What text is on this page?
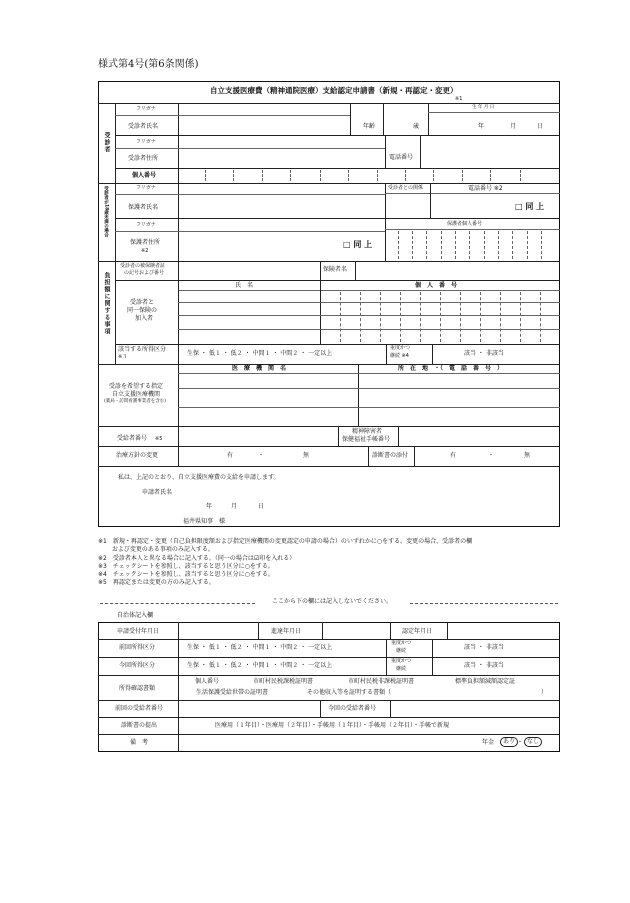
様式第4号(第6条関係)
自立支援医療費（精神通院医療）支給認定申請書（新規・再認定・変更）
※1
受診者
フリガナ
受診者氏名	年齢	歳
生 年 月 日
年	月	日
フリガナ
受診者住所	電話番号
個人番号
受診者が18歳未満の場合	フリガナ
保護者氏名
受診者との関係	電話番号 ※2
□ 同 上
フリガナ	保護者個人番号
保護者住所
※2
□ 同 上
負担額に関する事項
受診者の被保険者証
の記号および番号	保険者名
氏　名	個　人　番　号
受診者と
同一保険の
加入者
該当する所得区分
※３	生保 ・ 低１ ・ 低２ ・ 中間１ ・ 中間２ ・ 一定以上
重度かつ
継続 ※4	該当 ・ 非該当
受診を希望する指定
自立支援医療機関
(薬局・訪問看護事業者を含む)
医　療　機　関　名	所　在　地　・（　電　話　番　号　）
受給者番号 ※5
精神障害者
保健福祉手帳番号
治療方針の変更	有	・	無	診断書の添付	有	・	無
私は、上記のとおり、自立支援医療費の支給を申請します。
申請者氏名
年	月	日
福井県知事　様
※1　新規・再認定・変更（自己負担限度額および指定医療機関の変更認定の申請の場合）のいずれかに○をする。変更の場合、受診者の欄
　　 および変更のある事項のみ記入する。
※2　受診者本人と異なる場合に記入する。（同一の場合は☑印を入れる）
※3　チェックシートを参照し、該当すると思う区分に○をする。
※4　チェックシートを参照し、該当すると思う区分に○をする。
※5　再認定または変更の方のみ記入する。
ここから下の欄には記入しないでください。
自治体記入欄
申請受付年月日	進達年月日	認定年月日
前回所得区分	生保 ・ 低１ ・ 低２ ・ 中間１ ・ 中間２ ・ 一定以上
重度かつ
継続	該当 ・ 非該当
今回所得区分	生保 ・ 低１ ・ 低２ ・ 中間１ ・ 中間２ ・ 一定以上
重度かつ
継続	該当 ・ 非該当
所得確認書類
個人番号	市町村民税課税証明書	市町村民税非課税証明書	標準負担額減額認定証
生活保護受給世帯の証明書	その他収入等を証明する書類（	）
前回の受給者番号	今回の受給者番号
診断書の提出	医療用（１年目）・医療用（２年目）・手帳用（１年目）・手帳用（２年目）・手帳で新規
備　考	年金	あり ・ なし
